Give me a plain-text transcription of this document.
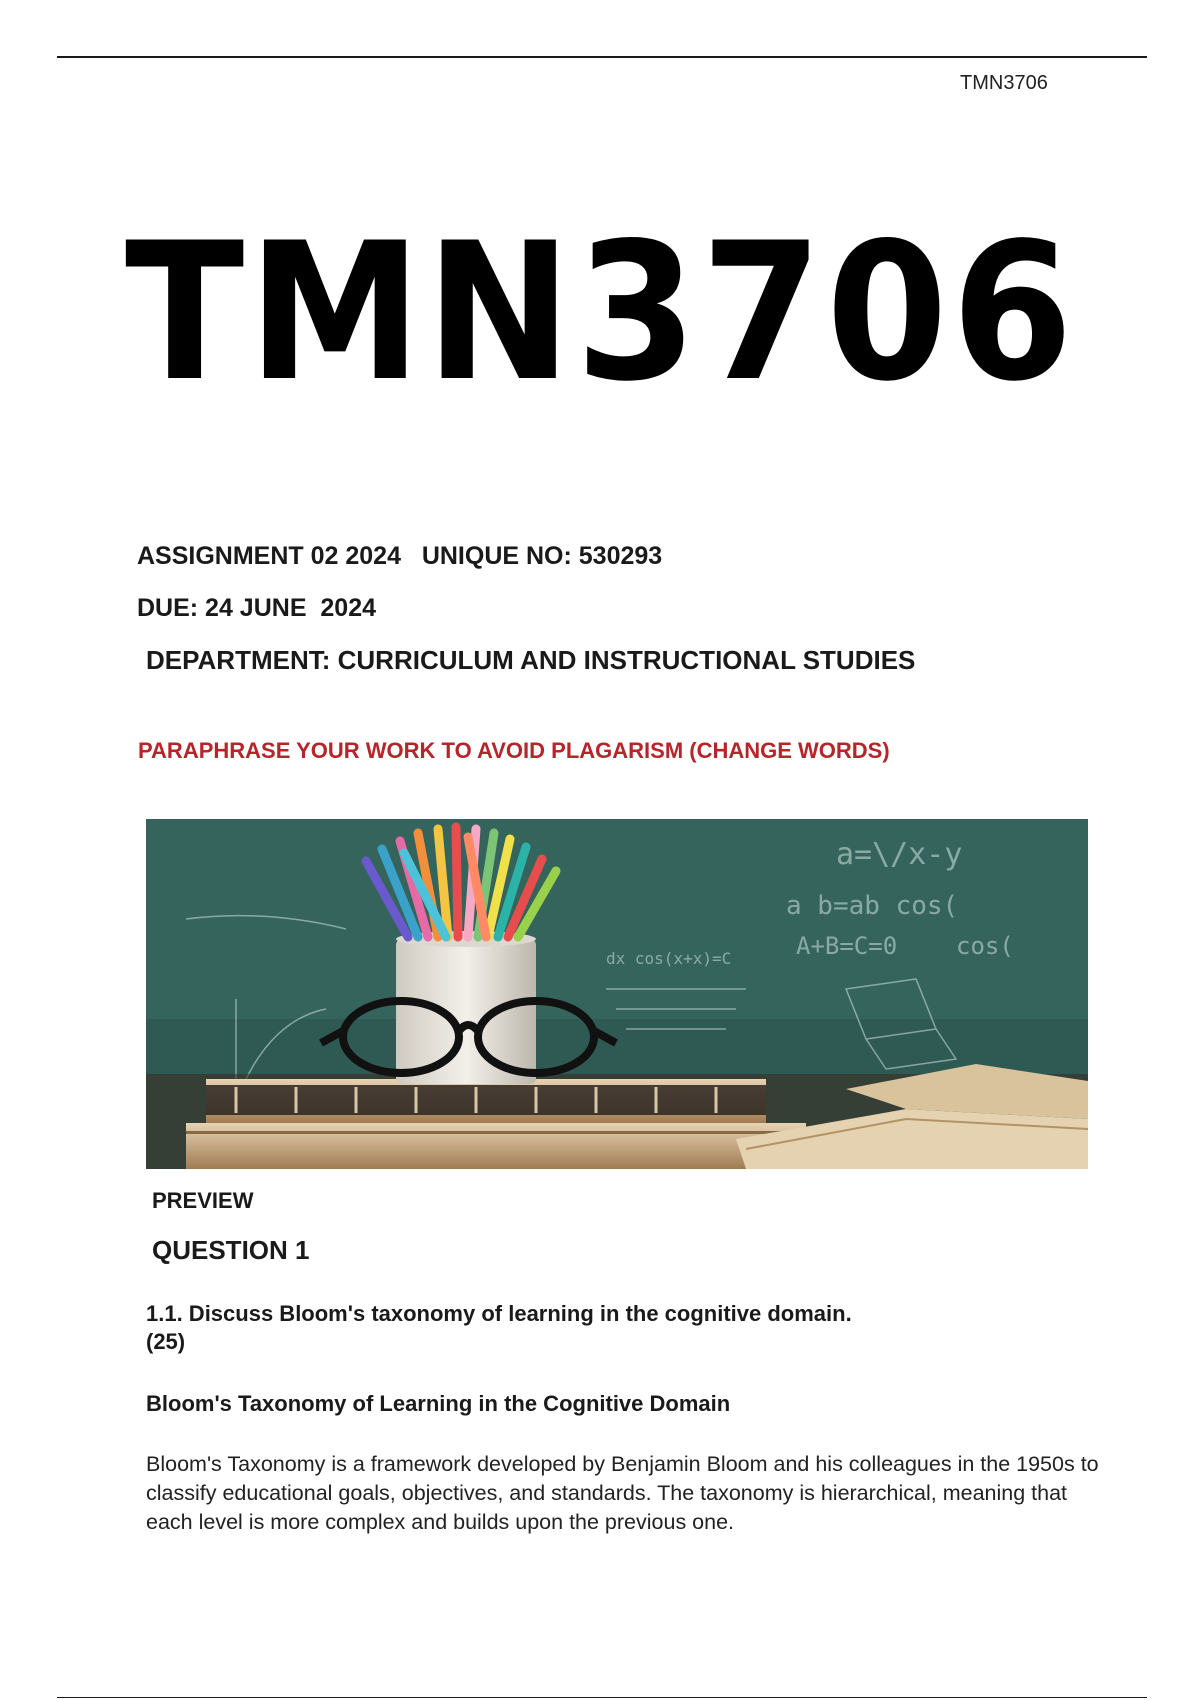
TMN3706
TMN3706
ASSIGNMENT 02 2024   UNIQUE NO: 530293
DUE: 24 JUNE  2024
DEPARTMENT: CURRICULUM AND INSTRUCTIONAL STUDIES
PARAPHRASE YOUR WORK TO AVOID PLAGARISM (CHANGE WORDS)
a=\/x-y
a b=ab cos(
A+B=C=0 cos(
dx cos(x+x)=C
PREVIEW
QUESTION 1
1.1. Discuss Bloom's taxonomy of learning in the cognitive domain.
(25)
Bloom's Taxonomy of Learning in the Cognitive Domain
Bloom's Taxonomy is a framework developed by Benjamin Bloom and his colleagues in the 1950s to classify educational goals, objectives, and standards. The taxonomy is hierarchical, meaning that each level is more complex and builds upon the previous one.
